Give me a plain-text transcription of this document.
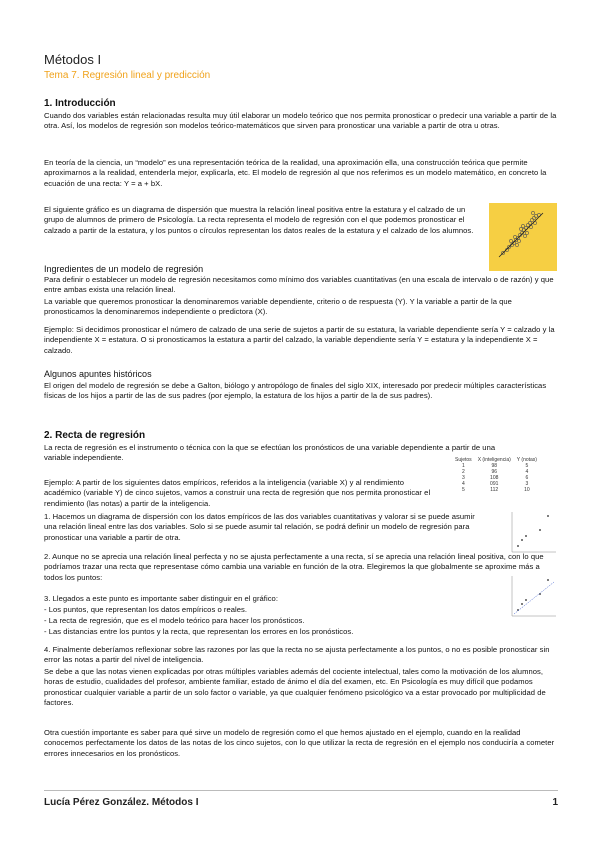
Métodos I
Tema 7. Regresión lineal y predicción
1. Introducción

Cuando dos variables están relacionadas resulta muy útil elaborar un modelo teórico que nos permita pronosticar o predecir una variable a partir de la otra. Así, los modelos de regresión son modelos teórico-matemáticos que sirven para pronosticar una variable a partir de otra u otras.

En teoría de la ciencia, un “modelo” es una representación teórica de la realidad, una aproximación ella, una construcción teórica que permite aproximarnos a la realidad, entenderla mejor, explicarla, etc. El modelo de regresión al que nos referimos es un modelo matemático, en concreto la ecuación de una recta: Y = a + bX.

El siguiente gráfico es un diagrama de dispersión que muestra la relación lineal positiva entre la estatura y el calzado de un grupo de alumnos de primero de Psicología. La recta representa el modelo de regresión con el que podemos pronosticar el calzado a partir de la estatura, y los puntos o círculos representan los datos reales de la estatura y el calzado de los alumnos.

Ingredientes de un modelo de regresión

Para definir o establecer un modelo de regresión necesitamos como mínimo dos variables cuantitativas (en una escala de intervalo o de razón) y que entre ambas exista una relación lineal.

La variable que queremos pronosticar la denominaremos variable dependiente, criterio o de respuesta (Y). Y la variable a partir de la que pronosticamos la denominaremos independiente o predictora (X).

Ejemplo: Si decidimos pronosticar el número de calzado de una serie de sujetos a partir de su estatura, la variable dependiente sería Y = calzado y la independiente X = estatura. O si pronosticamos la estatura a partir del calzado, la variable dependiente sería Y = estatura y la independiente X = calzado.

Algunos apuntes históricos

El origen del modelo de regresión se debe a Galton, biólogo y antropólogo de finales del siglo XIX, interesado por predecir múltiples características físicas de los hijos a partir de las de sus padres (por ejemplo, la estatura de los hijos a partir de la de sus padres).

2. Recta de regresión

La recta de regresión es el instrumento o técnica con la que se efectúan los pronósticos de una variable dependiente a partir de una variable independiente.	Sujetos	X (inteligencia)	Y (notas)
1	98	5
2	96	4
3	108	6
4	091	3
5	112	10

Ejemplo: A partir de los siguientes datos empíricos, referidos a la inteligencia (variable X) y al rendimiento académico (variable Y) de cinco sujetos, vamos a construir una recta de regresión que nos permita pronosticar el rendimiento (las notas) a partir de la inteligencia.

1. Hacemos un diagrama de dispersión con los datos empíricos de las dos variables cuantitativas y valorar si se puede asumir una relación lineal entre las dos variables. Solo si se puede asumir tal relación, se podrá definir un modelo de regresión para pronosticar una variable a partir de otra.

2. Aunque no se aprecia una relación lineal perfecta y no se ajusta perfectamente a una recta, sí se aprecia una relación lineal positiva, con lo que podríamos trazar una recta que representase cómo cambia una variable en función de la otra. Elegiremos la que globalmente se aproxime más a todos los puntos:

3. Llegados a este punto es importante saber distinguir en el gráfico:

- Los puntos, que representan los datos empíricos o reales.

- La recta de regresión, que es el modelo teórico para hacer los pronósticos.

- Las distancias entre los puntos y la recta, que representan los errores en los pronósticos.

4. Finalmente deberíamos reflexionar sobre las razones por las que la recta no se ajusta perfectamente a los puntos, o no es posible pronosticar sin error las notas a partir del nivel de inteligencia.

Se debe a que las notas vienen explicadas por otras múltiples variables además del cociente intelectual, tales como la motivación de los alumnos, horas de estudio, cualidades del profesor, ambiente familiar, estado de ánimo el día del examen, etc. En Psicología es muy difícil que podamos pronosticar cualquier variable a partir de un solo factor o variable, ya que cualquier fenómeno psicológico va a estar provocado por multiplicidad de factores.

Otra cuestión importante es saber para qué sirve un modelo de regresión como el que hemos ajustado en el ejemplo, cuando en la realidad conocemos perfectamente los datos de las notas de los cinco sujetos, con lo que utilizar la recta de regresión en el ejemplo nos conduciría a cometer errores innecesarios en los pronósticos.

Lucía Pérez González. Métodos I	1
